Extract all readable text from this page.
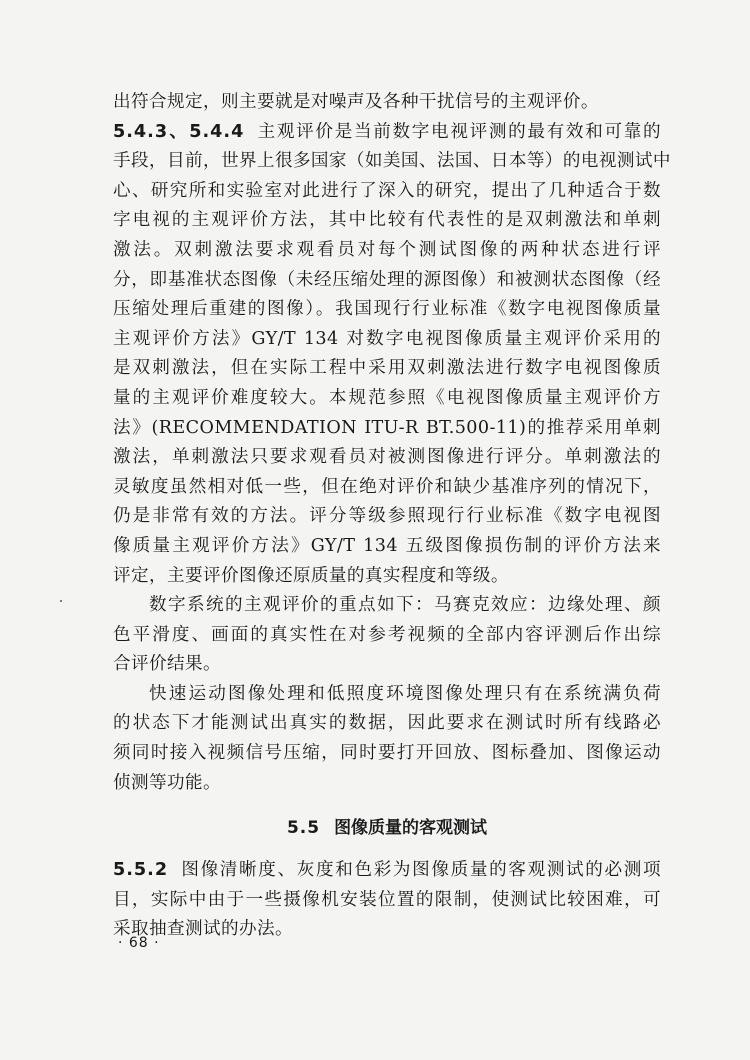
出符合规定，则主要就是对噪声及各种干扰信号的主观评价。

5.4.3、5.4.4 主观评价是当前数字电视评测的最有效和可靠的

手段，目前，世界上很多国家（如美国、法国、日本等）的电视测试中

心、研究所和实验室对此进行了深入的研究，提出了几种适合于数

字电视的主观评价方法，其中比较有代表性的是双刺激法和单刺

激法。双刺激法要求观看员对每个测试图像的两种状态进行评

分，即基准状态图像（未经压缩处理的源图像）和被测状态图像（经

压缩处理后重建的图像）。我国现行行业标准《数字电视图像质量

主观评价方法》GY/T 134 对数字电视图像质量主观评价采用的

是双刺激法，但在实际工程中采用双刺激法进行数字电视图像质

量的主观评价难度较大。本规范参照《电视图像质量主观评价方

法》(RECOMMENDATION ITU-R BT.500-11)的推荐采用单刺

激法，单刺激法只要求观看员对被测图像进行评分。单刺激法的

灵敏度虽然相对低一些，但在绝对评价和缺少基准序列的情况下，

仍是非常有效的方法。评分等级参照现行行业标准《数字电视图

像质量主观评价方法》GY/T 134 五级图像损伤制的评价方法来

评定，主要评价图像还原质量的真实程度和等级。

数字系统的主观评价的重点如下：马赛克效应：边缘处理、颜

色平滑度、画面的真实性在对参考视频的全部内容评测后作出综

合评价结果。

快速运动图像处理和低照度环境图像处理只有在系统满负荷

的状态下才能测试出真实的数据，因此要求在测试时所有线路必

须同时接入视频信号压缩，同时要打开回放、图标叠加、图像运动

侦测等功能。

5.5 图像质量的客观测试

5.5.2 图像清晰度、灰度和色彩为图像质量的客观测试的必测项

目，实际中由于一些摄像机安装位置的限制，使测试比较困难，可

采取抽查测试的办法。

· 68 ·
